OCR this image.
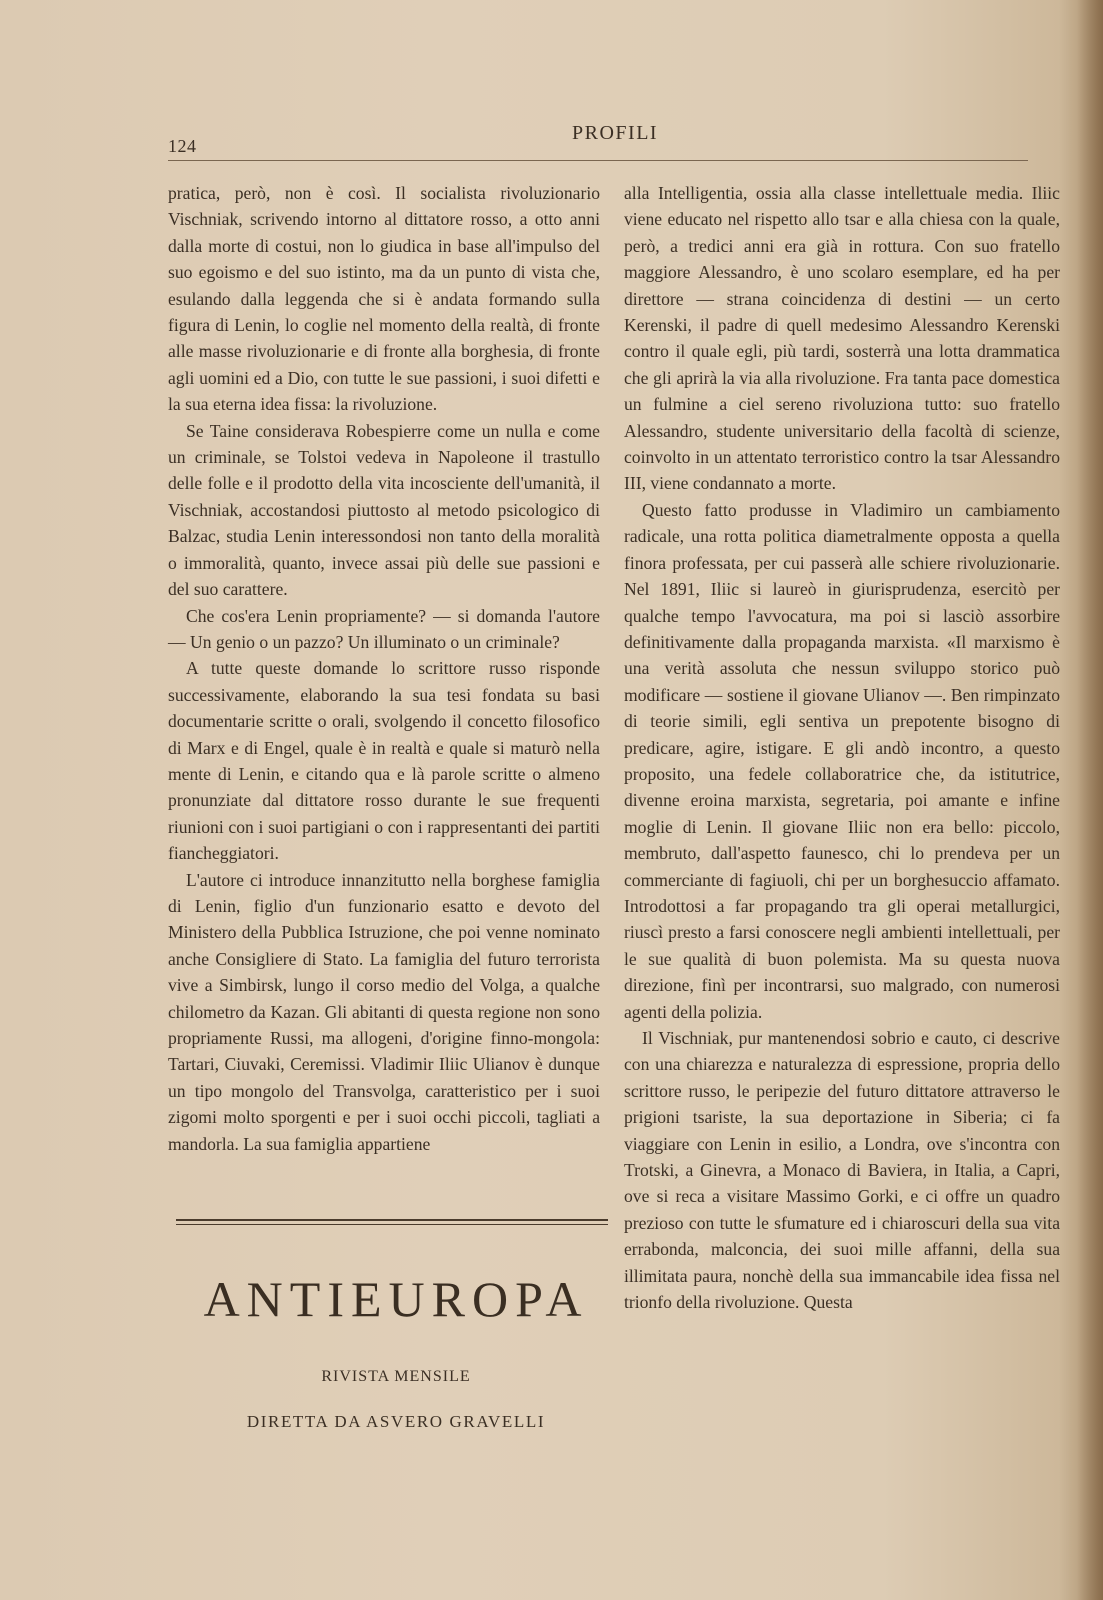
124
PROFILI

pratica, però, non è così. Il socialista rivoluzionario Vischniak, scrivendo intorno al dittatore rosso, a otto anni dalla morte di costui, non lo giudica in base all'impulso del suo egoismo e del suo istinto, ma da un punto di vista che, esulando dalla leggenda che si è andata formando sulla figura di Lenin, lo coglie nel momento della realtà, di fronte alle masse rivoluzionarie e di fronte alla borghesia, di fronte agli uomini ed a Dio, con tutte le sue passioni, i suoi difetti e la sua eterna idea fissa: la rivoluzione.

Se Taine considerava Robespierre come un nulla e come un criminale, se Tolstoi vedeva in Napoleone il trastullo delle folle e il prodotto della vita incosciente dell'umanità, il Vischniak, accostandosi piuttosto al metodo psicologico di Balzac, studia Lenin interessondosi non tanto della moralità o immoralità, quanto, invece assai più delle sue passioni e del suo carattere.

Che cos'era Lenin propriamente? — si domanda l'autore — Un genio o un pazzo? Un illuminato o un criminale?

A tutte queste domande lo scrittore russo risponde successivamente, elaborando la sua tesi fondata su basi documentarie scritte o orali, svolgendo il concetto filosofico di Marx e di Engel, quale è in realtà e quale si maturò nella mente di Lenin, e citando qua e là parole scritte o almeno pronunziate dal dittatore rosso durante le sue frequenti riunioni con i suoi partigiani o con i rappresentanti dei partiti fiancheggiatori.

L'autore ci introduce innanzitutto nella borghese famiglia di Lenin, figlio d'un funzionario esatto e devoto del Ministero della Pubblica Istruzione, che poi venne nominato anche Consigliere di Stato. La famiglia del futuro terrorista vive a Simbirsk, lungo il corso medio del Volga, a qualche chilometro da Kazan. Gli abitanti di questa regione non sono propriamente Russi, ma allogeni, d'origine finno-mongola: Tartari, Ciuvaki, Ceremissi. Vladimir Iliic Ulianov è dunque un tipo mongolo del Transvolga, caratteristico per i suoi zigomi molto sporgenti e per i suoi occhi piccoli, tagliati a mandorla. La sua famiglia appartiene

ANTIEUROPA
RIVISTA MENSILE
DIRETTA DA ASVERO GRAVELLI

alla Intelligentia, ossia alla classe intellettuale media. Iliic viene educato nel rispetto allo tsar e alla chiesa con la quale, però, a tredici anni era già in rottura. Con suo fratello maggiore Alessandro, è uno scolaro esemplare, ed ha per direttore — strana coincidenza di destini — un certo Kerenski, il padre di quell medesimo Alessandro Kerenski contro il quale egli, più tardi, sosterrà una lotta drammatica che gli aprirà la via alla rivoluzione. Fra tanta pace domestica un fulmine a ciel sereno rivoluziona tutto: suo fratello Alessandro, studente universitario della facoltà di scienze, coinvolto in un attentato terroristico contro la tsar Alessandro III, viene condannato a morte.

Questo fatto produsse in Vladimiro un cambiamento radicale, una rotta politica diametralmente opposta a quella finora professata, per cui passerà alle schiere rivoluzionarie. Nel 1891, Iliic si laureò in giurisprudenza, esercitò per qualche tempo l'avvocatura, ma poi si lasciò assorbire definitivamente dalla propaganda marxista. «Il marxismo è una verità assoluta che nessun sviluppo storico può modificare — sostiene il giovane Ulianov —. Ben rimpinzato di teorie simili, egli sentiva un prepotente bisogno di predicare, agire, istigare. E gli andò incontro, a questo proposito, una fedele collaboratrice che, da istitutrice, divenne eroina marxista, segretaria, poi amante e infine moglie di Lenin. Il giovane Iliic non era bello: piccolo, membruto, dall'aspetto faunesco, chi lo prendeva per un commerciante di fagiuoli, chi per un borghesuccio affamato. Introdottosi a far propagando tra gli operai metallurgici, riuscì presto a farsi conoscere negli ambienti intellettuali, per le sue qualità di buon polemista. Ma su questa nuova direzione, finì per incontrarsi, suo malgrado, con numerosi agenti della polizia.

Il Vischniak, pur mantenendosi sobrio e cauto, ci descrive con una chiarezza e naturalezza di espressione, propria dello scrittore russo, le peripezie del futuro dittatore attraverso le prigioni tsariste, la sua deportazione in Siberia; ci fa viaggiare con Lenin in esilio, a Londra, ove s'incontra con Trotski, a Ginevra, a Monaco di Baviera, in Italia, a Capri, ove si reca a visitare Massimo Gorki, e ci offre un quadro prezioso con tutte le sfumature ed i chiaroscuri della sua vita errabonda, malconcia, dei suoi mille affanni, della sua illimitata paura, nonchè della sua immancabile idea fissa nel trionfo della rivoluzione. Questa
